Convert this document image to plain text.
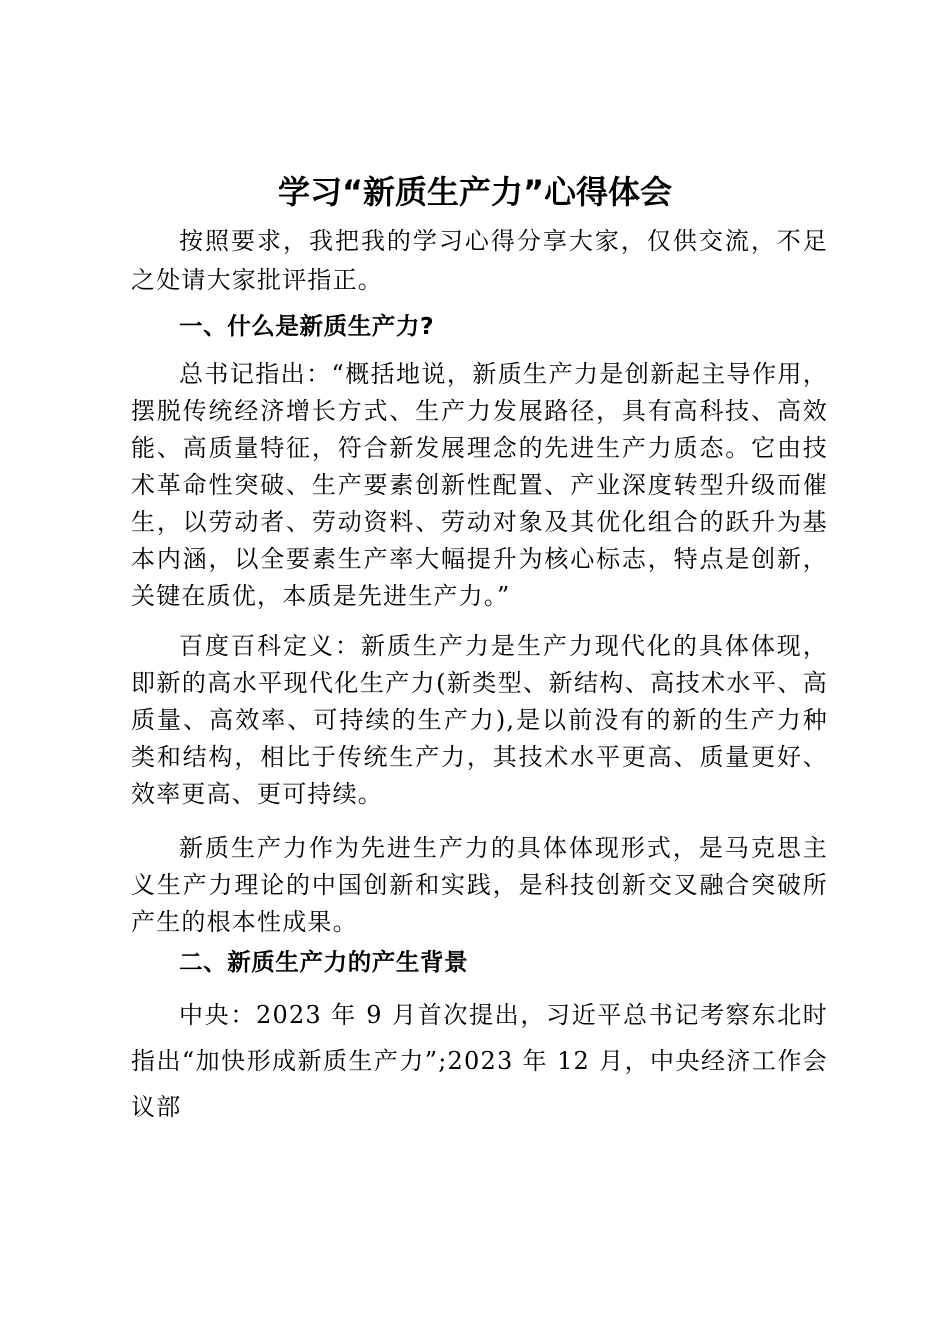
学习“新质生产力”心得体会

按照要求，我把我的学习心得分享大家，仅供交流，不足之处请大家批评指正。

一、什么是新质生产力?

总书记指出：“概括地说，新质生产力是创新起主导作用，摆脱传统经济增长方式、生产力发展路径，具有高科技、高效能、高质量特征，符合新发展理念的先进生产力质态。它由技术革命性突破、生产要素创新性配置、产业深度转型升级而催生，以劳动者、劳动资料、劳动对象及其优化组合的跃升为基本内涵，以全要素生产率大幅提升为核心标志，特点是创新，关键在质优，本质是先进生产力。”

百度百科定义：新质生产力是生产力现代化的具体体现，即新的高水平现代化生产力(新类型、新结构、高技术水平、高质量、高效率、可持续的生产力),是以前没有的新的生产力种类和结构，相比于传统生产力，其技术水平更高、质量更好、效率更高、更可持续。

新质生产力作为先进生产力的具体体现形式，是马克思主义生产力理论的中国创新和实践，是科技创新交叉融合突破所产生的根本性成果。

二、新质生产力的产生背景

中央：2023 年 9 月首次提出，习近平总书记考察东北时指出“加快形成新质生产力”;2023 年 12 月，中央经济工作会议部
